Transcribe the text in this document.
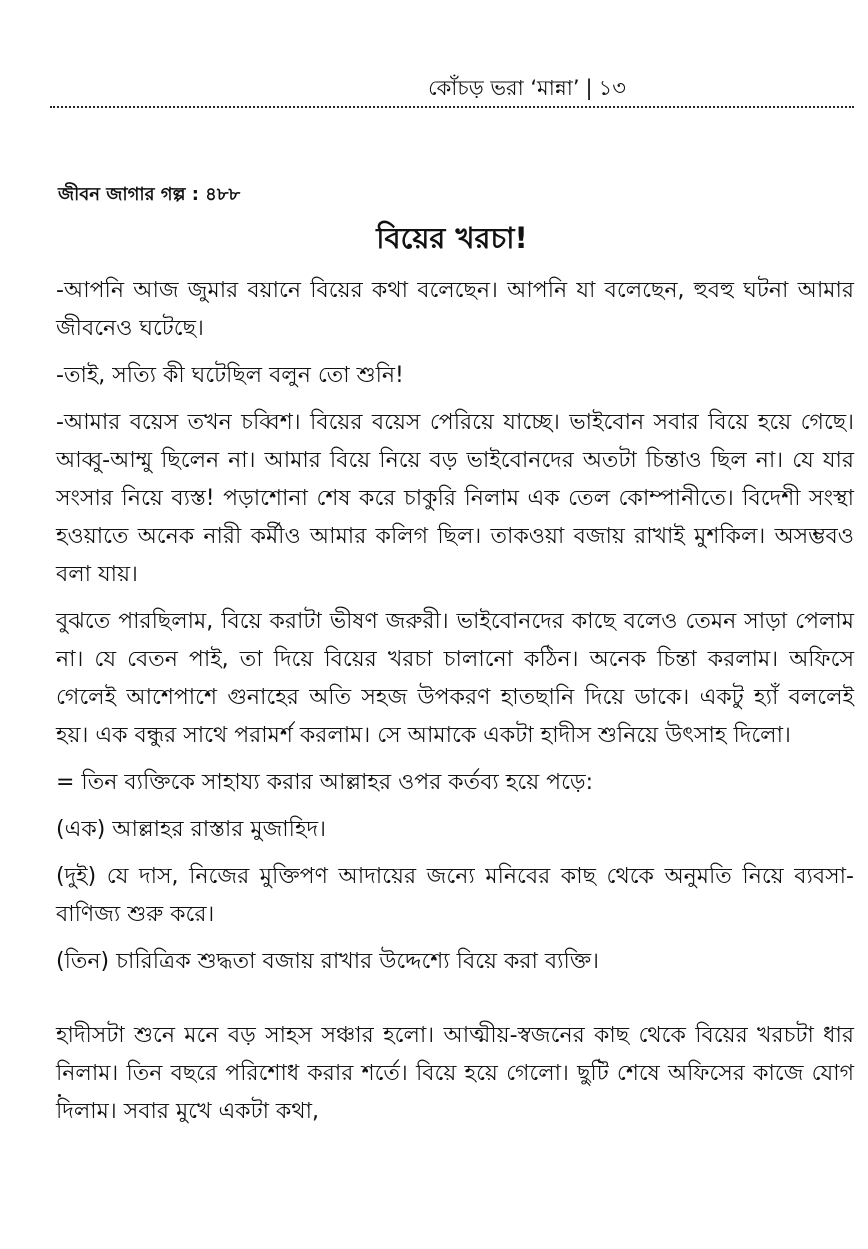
কোঁচড় ভরা ‘মান্না’ | ১৩
জীবন জাগার গল্প : ৪৮৮
বিয়ের খরচা!

-আপনি আজ জুমার বয়ানে বিয়ের কথা বলেছেন। আপনি যা বলেছেন, হুবহু ঘটনা আমার জীবনেও ঘটেছে।

-তাই, সত্যি কী ঘটেছিল বলুন তো শুনি!

-আমার বয়েস তখন চব্বিশ। বিয়ের বয়েস পেরিয়ে যাচ্ছে। ভাইবোন সবার বিয়ে হয়ে গেছে। আব্বু-আম্মু ছিলেন না। আমার বিয়ে নিয়ে বড় ভাইবোনদের অতটা চিন্তাও ছিল না। যে যার সংসার নিয়ে ব্যস্ত! পড়াশোনা শেষ করে চাকুরি নিলাম এক তেল কোম্পানীতে। বিদেশী সংস্থা হওয়াতে অনেক নারী কর্মীও আমার কলিগ ছিল। তাকওয়া বজায় রাখাই মুশকিল। অসম্ভবও বলা যায়।

বুঝতে পারছিলাম, বিয়ে করাটা ভীষণ জরুরী। ভাইবোনদের কাছে বলেও তেমন সাড়া পেলাম না। যে বেতন পাই, তা দিয়ে বিয়ের খরচা চালানো কঠিন। অনেক চিন্তা করলাম। অফিসে গেলেই আশেপাশে গুনাহের অতি সহজ উপকরণ হাতছানি দিয়ে ডাকে। একটু হ্যাঁ বললেই হয়। এক বন্ধুর সাথে পরামর্শ করলাম। সে আমাকে একটা হাদীস শুনিয়ে উৎসাহ দিলো।

= তিন ব্যক্তিকে সাহায্য করার আল্লাহর ওপর কর্তব্য হয়ে পড়ে:

(এক) আল্লাহর রাস্তার মুজাহিদ।

(দুই) যে দাস, নিজের মুক্তিপণ আদায়ের জন্যে মনিবের কাছ থেকে অনুমতি নিয়ে ব্যবসা-বাণিজ্য শুরু করে।

(তিন) চারিত্রিক শুদ্ধতা বজায় রাখার উদ্দেশ্যে বিয়ে করা ব্যক্তি।

হাদীসটা শুনে মনে বড় সাহস সঞ্চার হলো। আত্মীয়-স্বজনের কাছ থেকে বিয়ের খরচটা ধার নিলাম। তিন বছরে পরিশোধ করার শর্তে। বিয়ে হয়ে গেলো। ছুটি শেষে অফিসের কাজে যোগ দিলাম। সবার মুখে একটা কথা,
